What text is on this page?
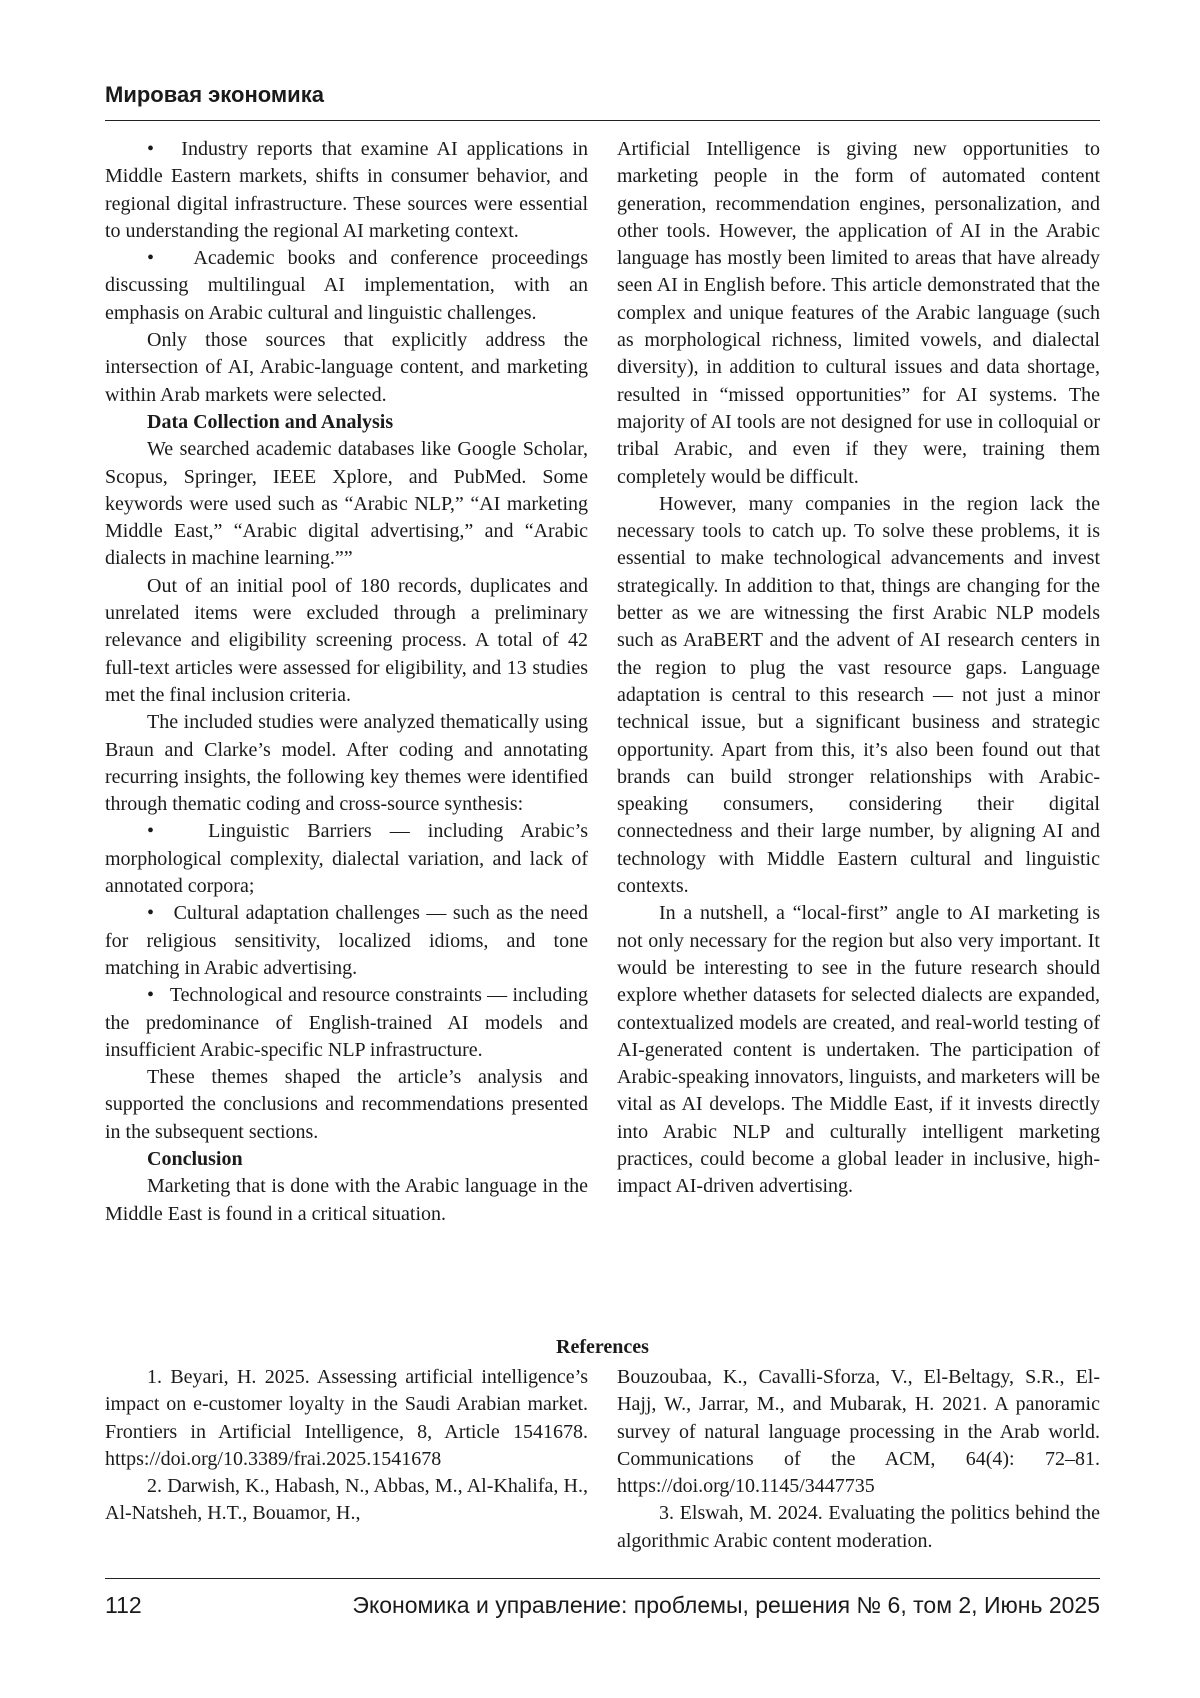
Мировая экономика

•   Industry reports that examine AI applications in Middle Eastern markets, shifts in consumer behavior, and regional digital infrastructure. These sources were essential to understanding the regional AI marketing context.

•   Academic books and conference proceedings discussing multilingual AI implementation, with an emphasis on Arabic cultural and linguistic challenges.

Only those sources that explicitly address the intersection of AI, Arabic-language content, and marketing within Arab markets were selected.

Data Collection and Analysis

We searched academic databases like Google Scholar, Scopus, Springer, IEEE Xplore, and PubMed. Some keywords were used such as “Arabic NLP,” “AI marketing Middle East,” “Arabic digital advertising,” and “Arabic dialects in machine learning.””

Out of an initial pool of 180 records, duplicates and unrelated items were excluded through a preliminary relevance and eligibility screening process. A total of 42 full-text articles were assessed for eligibility, and 13 studies met the final inclusion criteria.

The included studies were analyzed thematically using Braun and Clarke’s model. After coding and annotating recurring insights, the following key themes were identified through thematic coding and cross-source synthesis:

•   Linguistic Barriers — including Arabic’s morphological complexity, dialectal variation, and lack of annotated corpora;

•   Cultural adaptation challenges — such as the need for religious sensitivity, localized idioms, and tone matching in Arabic advertising.

•   Technological and resource constraints — including the predominance of English-trained AI models and insufficient Arabic-specific NLP infrastructure.

These themes shaped the article’s analysis and supported the conclusions and recommendations presented in the subsequent sections.

Conclusion

Marketing that is done with the Arabic language in the Middle East is found in a critical situation.

Artificial Intelligence is giving new opportunities to marketing people in the form of automated content generation, recommendation engines, personalization, and other tools. However, the application of AI in the Arabic language has mostly been limited to areas that have already seen AI in English before. This article demonstrated that the complex and unique features of the Arabic language (such as morphological richness, limited vowels, and dialectal diversity), in addition to cultural issues and data shortage, resulted in “missed opportunities” for AI systems. The majority of AI tools are not designed for use in colloquial or tribal Arabic, and even if they were, training them completely would be difficult.

However, many companies in the region lack the necessary tools to catch up. To solve these problems, it is essential to make technological advancements and invest strategically. In addition to that, things are changing for the better as we are witnessing the first Arabic NLP models such as AraBERT and the advent of AI research centers in the region to plug the vast resource gaps. Language adaptation is central to this research — not just a minor technical issue, but a significant business and strategic opportunity. Apart from this, it’s also been found out that brands can build stronger relationships with Arabic-speaking consumers, considering their digital connectedness and their large number, by aligning AI and technology with Middle Eastern cultural and linguistic contexts.

In a nutshell, a “local-first” angle to AI marketing is not only necessary for the region but also very important. It would be interesting to see in the future research should explore whether datasets for selected dialects are expanded, contextualized models are created, and real-world testing of AI-generated content is undertaken. The participation of Arabic-speaking innovators, linguists, and marketers will be vital as AI develops. The Middle East, if it invests directly into Arabic NLP and culturally intelligent marketing practices, could become a global leader in inclusive, high-impact AI-driven advertising.

References

1. Beyari, H. 2025. Assessing artificial intelligence’s impact on e-customer loyalty in the Saudi Arabian market. Frontiers in Artificial Intelligence, 8, Article 1541678. https://doi.org/10.3389/frai.2025.1541678

2. Darwish, K., Habash, N., Abbas, M., Al-Khalifa, H., Al-Natsheh, H.T., Bouamor, H.,

Bouzoubaa, K., Cavalli-Sforza, V., El-Beltagy, S.R., El-Hajj, W., Jarrar, M., and Mubarak, H. 2021. A panoramic survey of natural language processing in the Arab world. Communications of the ACM, 64(4): 72–81. https://doi.org/10.1145/3447735

3. Elswah, M. 2024. Evaluating the politics behind the algorithmic Arabic content moderation.

112	Экономика и управление: проблемы, решения № 6, том 2, Июнь 2025
